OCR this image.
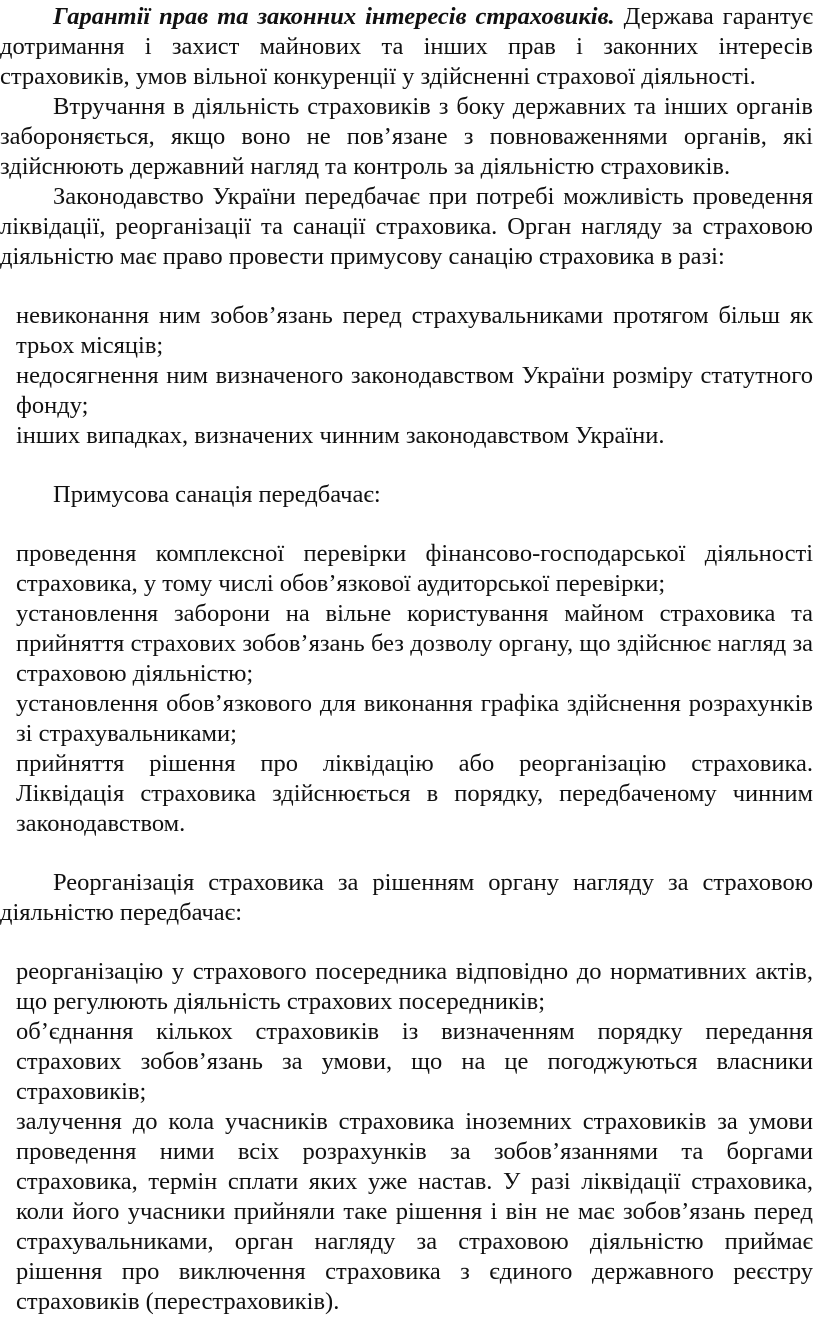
Гарантії прав та законних інтересів страховиків. Держава гарантує дотримання і захист майнових та інших прав і законних інтересів страховиків, умов вільної конкуренції у здійсненні страхової діяльності.

Втручання в діяльність страховиків з боку державних та інших органів забороняється, якщо воно не пов’язане з повноваженнями органів, які здійснюють державний нагляд та контроль за діяльністю страховиків.

Законодавство України передбачає при потребі можливість проведення ліквідації, реорганізації та санації страховика. Орган нагляду за страховою діяльністю має право провести примусову санацію страховика в разі:

невиконання ним зобов’язань перед страхувальниками протягом більш як трьох місяців;
недосягнення ним визначеного законодавством України розміру статутного фонду;
інших випадках, визначених чинним законодавством України.

Примусова санація передбачає:

проведення комплексної перевірки фінансово-господарської діяльності страховика, у тому числі обов’язкової аудиторської перевірки;
установлення заборони на вільне користування майном страховика та прийняття страхових зобов’язань без дозволу органу, що здійснює нагляд за страховою діяльністю;
установлення обов’язкового для виконання графіка здійснення розрахунків зі страхувальниками;
прийняття рішення про ліквідацію або реорганізацію страховика. Ліквідація страховика здійснюється в порядку, передбаченому чинним законодавством.

Реорганізація страховика за рішенням органу нагляду за страховою діяльністю передбачає:

реорганізацію у страхового посередника відповідно до нормативних актів, що регулюють діяльність страхових посередників;
об’єднання кількох страховиків із визначенням порядку передання страхових зобов’язань за умови, що на це погоджуються власники страховиків;
залучення до кола учасників страховика іноземних страховиків за умови проведення ними всіх розрахунків за зобов’язаннями та боргами страховика, термін сплати яких уже настав. У разі ліквідації страховика, коли його учасники прийняли таке рішення і він не має зобов’язань перед страхувальниками, орган нагляду за страховою діяльністю приймає рішення про виключення страховика з єдиного державного реєстру страховиків (перестраховиків).
